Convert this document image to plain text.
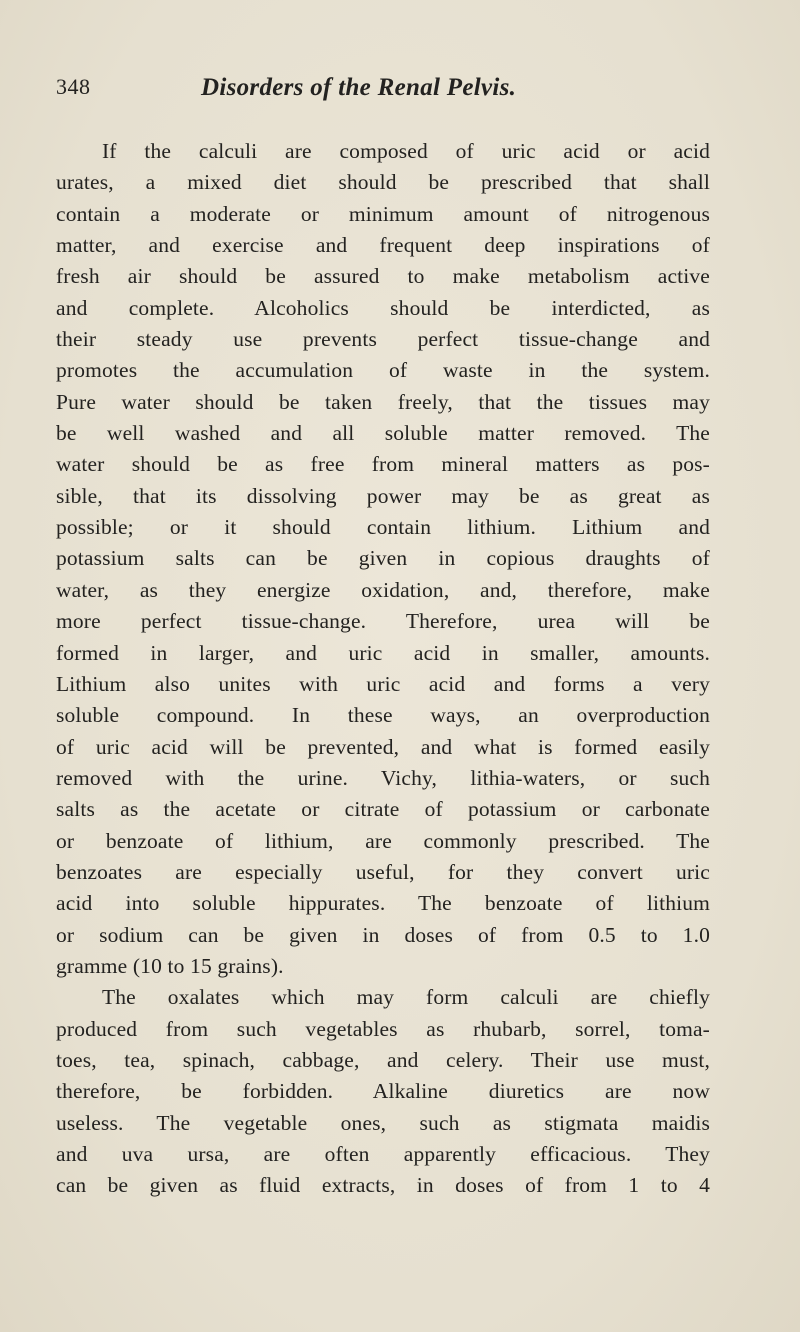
348	Disorders of the Renal Pelvis.
If the calculi are composed of uric acid or acid
urates, a mixed diet should be prescribed that shall
contain a moderate or minimum amount of nitrogenous
matter, and exercise and frequent deep inspirations of
fresh air should be assured to make metabolism active
and complete. Alcoholics should be interdicted, as
their steady use prevents perfect tissue-change and
promotes the accumulation of waste in the system.
Pure water should be taken freely, that the tissues may
be well washed and all soluble matter removed. The
water should be as free from mineral matters as pos-
sible, that its dissolving power may be as great as
possible; or it should contain lithium. Lithium and
potassium salts can be given in copious draughts of
water, as they energize oxidation, and, therefore, make
more perfect tissue-change. Therefore, urea will be
formed in larger, and uric acid in smaller, amounts.
Lithium also unites with uric acid and forms a very
soluble compound. In these ways, an overproduction
of uric acid will be prevented, and what is formed easily
removed with the urine. Vichy, lithia-waters, or such
salts as the acetate or citrate of potassium or carbonate
or benzoate of lithium, are commonly prescribed. The
benzoates are especially useful, for they convert uric
acid into soluble hippurates. The benzoate of lithium
or sodium can be given in doses of from 0.5 to 1.0
gramme (10 to 15 grains).
The oxalates which may form calculi are chiefly
produced from such vegetables as rhubarb, sorrel, toma-
toes, tea, spinach, cabbage, and celery. Their use must,
therefore, be forbidden. Alkaline diuretics are now
useless. The vegetable ones, such as stigmata maidis
and uva ursa, are often apparently efficacious. They
can be given as fluid extracts, in doses of from 1 to 4
